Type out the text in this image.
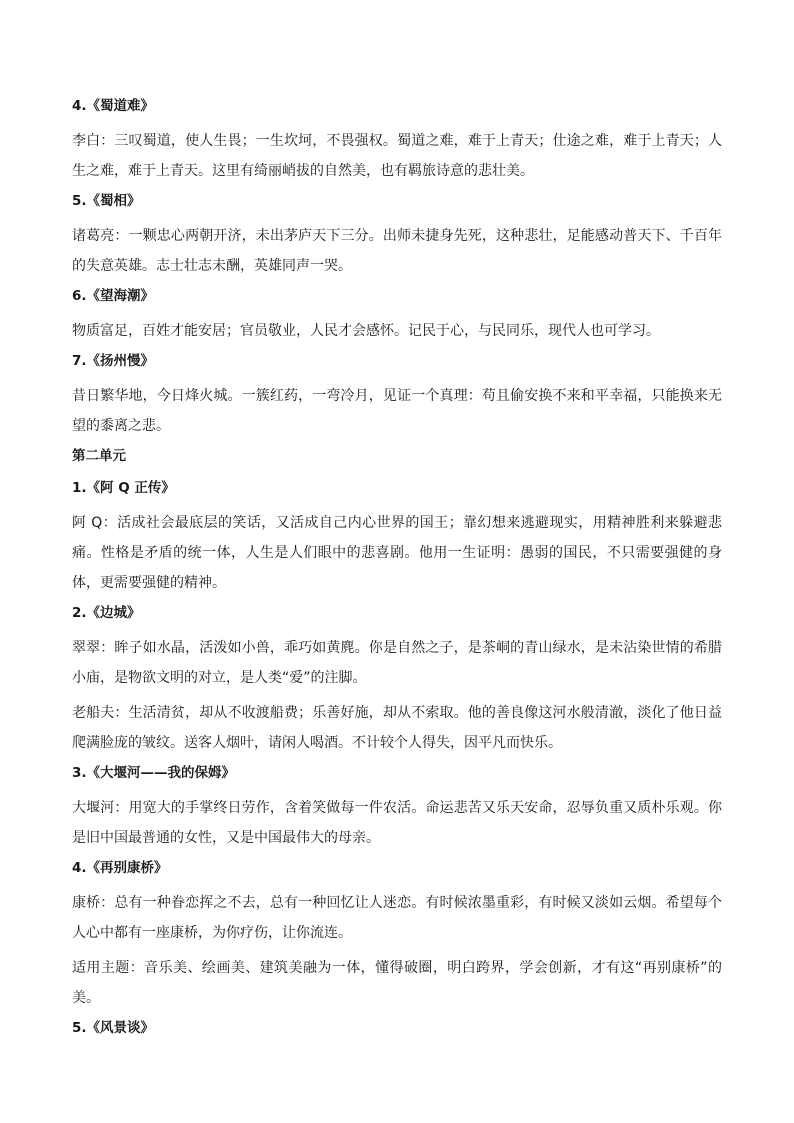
4.《蜀道难》

李白：三叹蜀道，使人生畏；一生坎坷，不畏强权。蜀道之难，难于上青天；仕途之难，难于上青天；人生之难，难于上青天。这里有绮丽峭拔的自然美，也有羁旅诗意的悲壮美。

5.《蜀相》

诸葛亮：一颗忠心两朝开济，未出茅庐天下三分。出师未捷身先死，这种悲壮，足能感动普天下、千百年的失意英雄。志士壮志未酬，英雄同声一哭。

6.《望海潮》

物质富足，百姓才能安居；官员敬业，人民才会感怀。记民于心，与民同乐，现代人也可学习。

7.《扬州慢》

昔日繁华地，今日烽火城。一簇红药，一弯冷月，见证一个真理：苟且偷安换不来和平幸福，只能换来无望的黍离之悲。

第二单元
1.《阿 Q 正传》

阿 Q：活成社会最底层的笑话，又活成自己内心世界的国王；靠幻想来逃避现实，用精神胜利来躲避悲痛。性格是矛盾的统一体，人生是人们眼中的悲喜剧。他用一生证明：愚弱的国民，不只需要强健的身体，更需要强健的精神。

2.《边城》

翠翠：眸子如水晶，活泼如小兽，乖巧如黄麂。你是自然之子，是茶峒的青山绿水，是未沾染世情的希腊小庙，是物欲文明的对立，是人类“爱”的注脚。

老船夫：生活清贫，却从不收渡船费；乐善好施，却从不索取。他的善良像这河水般清澈，淡化了他日益爬满脸庞的皱纹。送客人烟叶，请闲人喝酒。不计较个人得失，因平凡而快乐。

3.《大堰河——我的保姆》

大堰河：用宽大的手掌终日劳作，含着笑做每一件农活。命运悲苦又乐天安命，忍辱负重又质朴乐观。你是旧中国最普通的女性，又是中国最伟大的母亲。

4.《再别康桥》

康桥：总有一种眷恋挥之不去，总有一种回忆让人迷恋。有时候浓墨重彩，有时候又淡如云烟。希望每个人心中都有一座康桥，为你疗伤，让你流连。

适用主题：音乐美、绘画美、建筑美融为一体，懂得破圈，明白跨界，学会创新，才有这“再别康桥”的美。

5.《风景谈》
